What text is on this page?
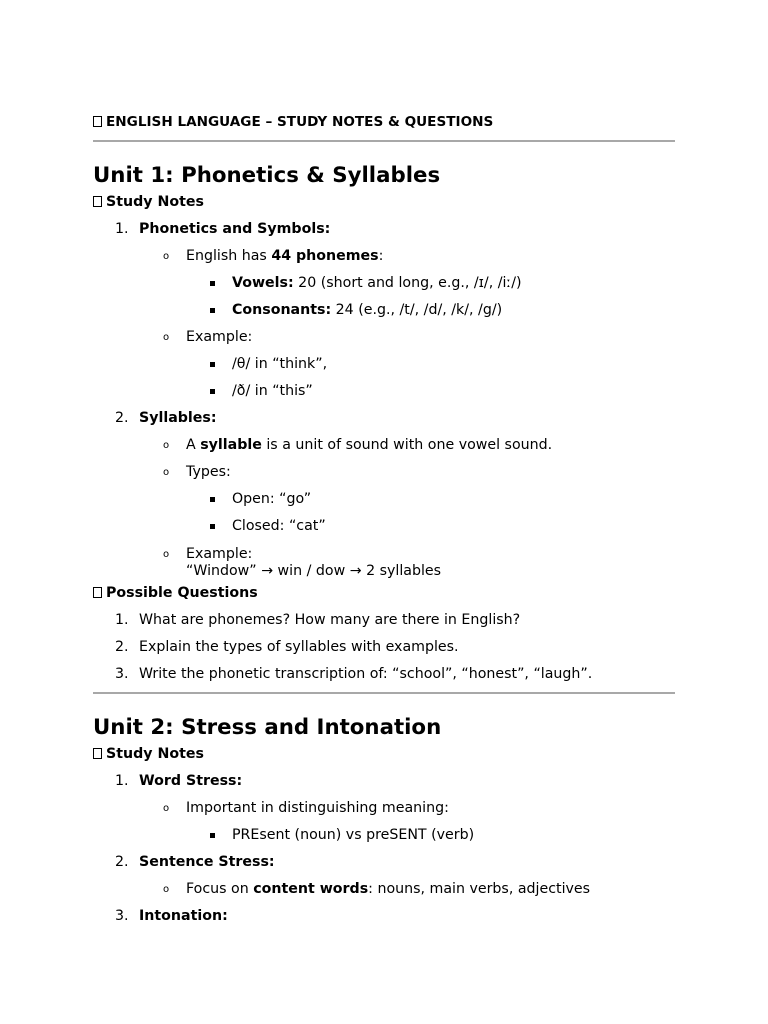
ENGLISH LANGUAGE – STUDY NOTES & QUESTIONS
Unit 1: Phonetics & Syllables
Study Notes
1. Phonetics and Symbols:
o English has 44 phonemes:
Vowels: 20 (short and long, e.g., /ɪ/, /iː/)
Consonants: 24 (e.g., /t/, /d/, /k/, /g/)
o Example:
/θ/ in “think”,
/ð/ in “this”
2. Syllables:
o A syllable is a unit of sound with one vowel sound.
o Types:
Open: “go”
Closed: “cat”
o Example:
“Window” → win / dow → 2 syllables
Possible Questions
1. What are phonemes? How many are there in English?
2. Explain the types of syllables with examples.
3. Write the phonetic transcription of: “school”, “honest”, “laugh”.
Unit 2: Stress and Intonation
Study Notes
1. Word Stress:
o Important in distinguishing meaning:
PREsent (noun) vs preSENT (verb)
2. Sentence Stress:
o Focus on content words: nouns, main verbs, adjectives
3. Intonation:
